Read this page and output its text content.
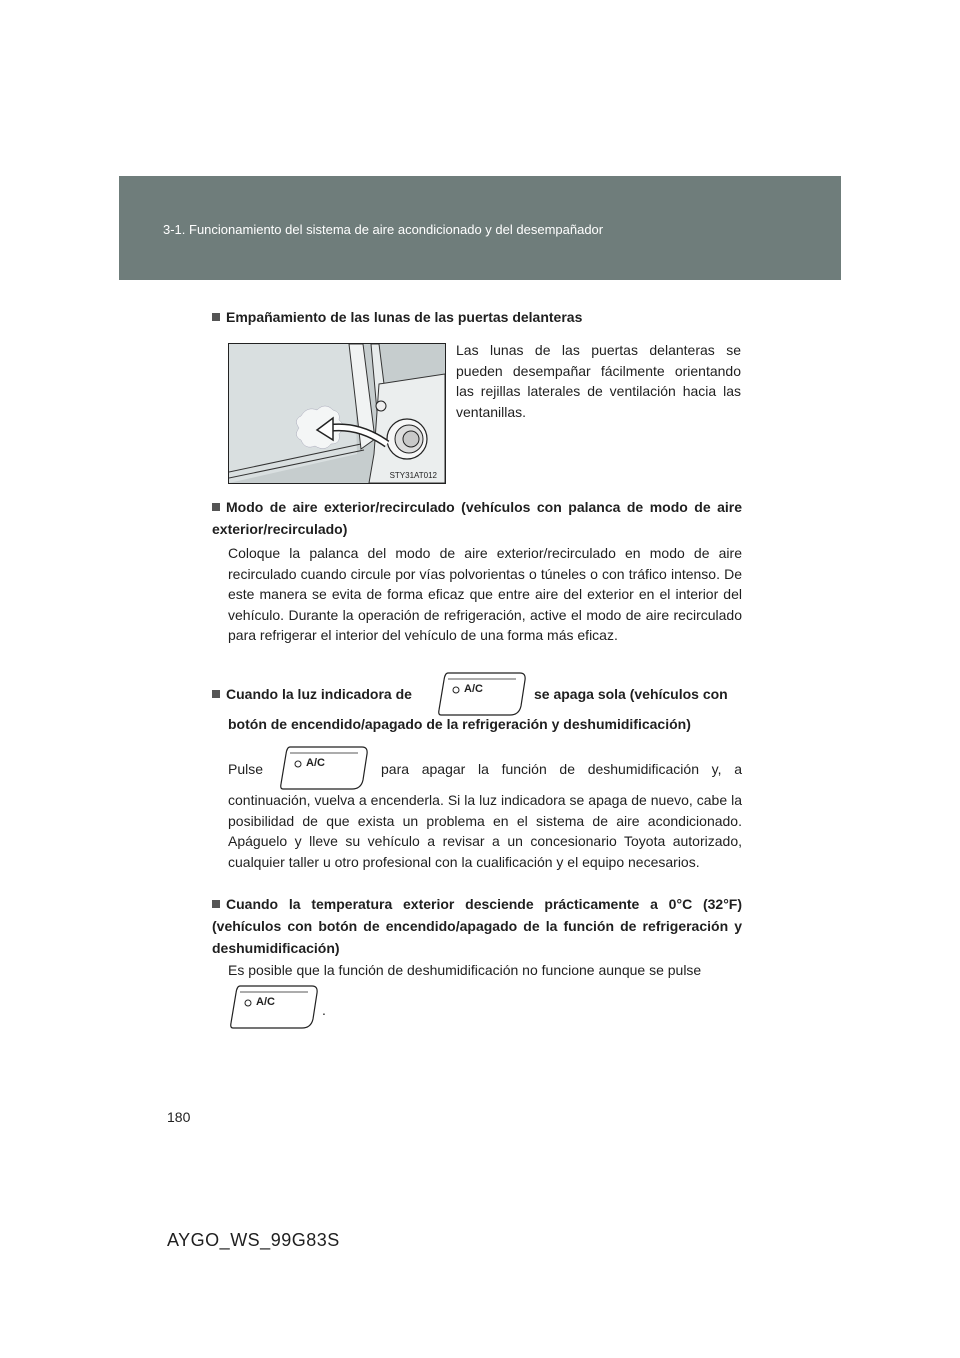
3-1. Funcionamiento del sistema de aire acondicionado y del desempañador
Empañamiento de las lunas de las puertas delanteras
STY31AT012
Las lunas de las puertas delanteras se pueden desempañar fácilmente orientando las rejillas laterales de ventilación hacia las ventanillas.
Modo de aire exterior/recirculado (vehículos con palanca de modo de aire exterior/recirculado)
Coloque la palanca del modo de aire exterior/recirculado en modo de aire recirculado cuando circule por vías polvorientas o túneles o con tráfico intenso. De este manera se evita de forma eficaz que entre aire del exterior en el interior del vehículo. Durante la operación de refrigeración, active el modo de aire recirculado para refrigerar el interior del vehículo de una forma más eficaz.
Cuando la luz indicadora de	A/C	se apaga sola (vehículos con
botón de encendido/apagado de la refrigeración y deshumidificación)
Pulse	A/C	para apagar la función de deshumidificación y, a
continuación, vuelva a encenderla. Si la luz indicadora se apaga de nuevo, cabe la posibilidad de que exista un problema en el sistema de aire acondicionado. Apáguelo y lleve su vehículo a revisar a un concesionario Toyota autorizado, cualquier taller u otro profesional con la cualificación y el equipo necesarios.
Cuando la temperatura exterior desciende prácticamente a 0°C (32°F) (vehículos con botón de encendido/apagado de la función de refrigeración y deshumidificación)
Es posible que la función de deshumidificación no funcione aunque se pulse
A/C	.
180
AYGO_WS_99G83S
